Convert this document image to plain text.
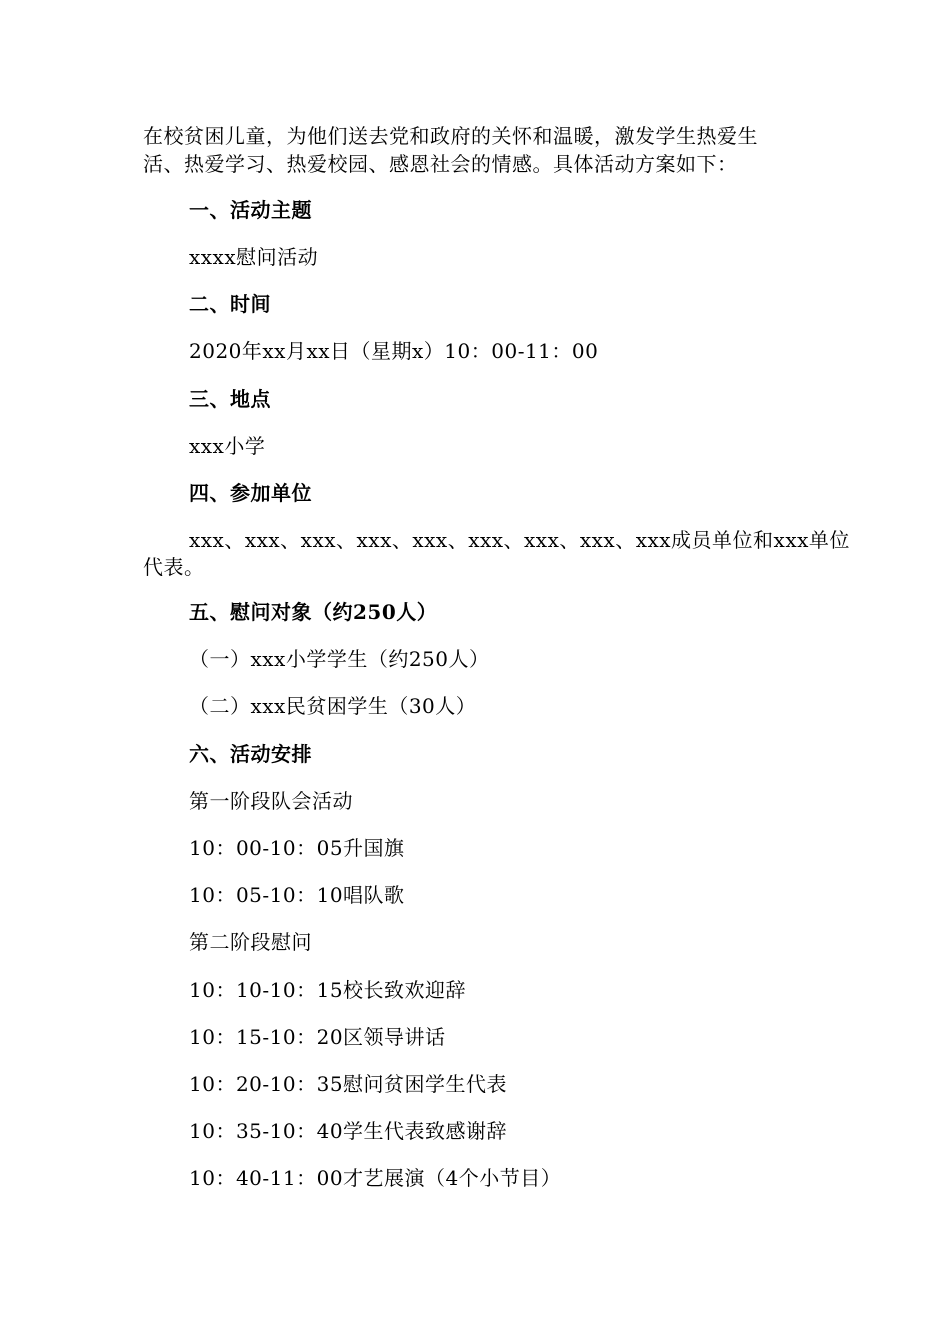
在校贫困儿童，为他们送去党和政府的关怀和温暖，激发学生热爱生
活、热爱学习、热爱校园、感恩社会的情感。具体活动方案如下：
一、活动主题
xxxx慰问活动
二、时间
2020年xx月xx日（星期x）10：00-11：00
三、地点
xxx小学
四、参加单位
xxx、xxx、xxx、xxx、xxx、xxx、xxx、xxx、xxx成员单位和xxx单位
代表。
五、慰问对象（约250人）
（一）xxx小学学生（约250人）
（二）xxx民贫困学生（30人）
六、活动安排
第一阶段队会活动
10：00-10：05升国旗
10：05-10：10唱队歌
第二阶段慰问
10：10-10：15校长致欢迎辞
10：15-10：20区领导讲话
10：20-10：35慰问贫困学生代表
10：35-10：40学生代表致感谢辞
10：40-11：00才艺展演（4个小节目）
